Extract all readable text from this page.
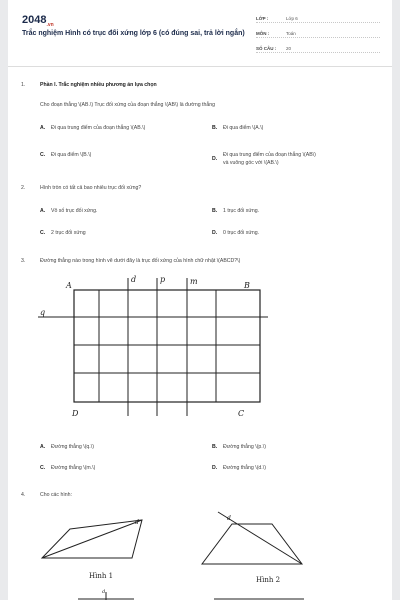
$2048_{.vn}$
Trắc nghiệm Hình có trục đối xứng lớp 6 (có đúng sai, trả lời ngắn)
LỚP :	Lớp 6
MÔN :	Toán
SỐ CÂU : 20
1.	Phần I. Trắc nghiệm nhiều phương án lựa chọn
Cho đoạn thẳng \(AB.\) Trục đối xứng của đoạn thẳng \(AB\) là đường thẳng
A. Đi qua trung điểm của đoạn thẳng \(AB.\)	B. Đi qua điểm \(A.\)
C. Đi qua điểm \(B.\)
D.
Đi qua trung điểm của đoạn thẳng \(AB\)
và vuông góc với \(AB.\)
2.	Hình tròn có tất cả bao nhiêu trục đối xứng?
A. Vô số trục đối xứng.	B. 1 trục đối xứng.
C. 2 trục đối xứng	D. 0 trục đối xứng.
3.	Đường thẳng nào trong hình vẽ dưới đây là trục đối xứng của hình chữ nhật \(ABCD?\)
A	B
C
D
q
d	p	m
A. Đường thẳng \(q.\)	B. Đường thẳng \(p.\)
C. Đường thẳng \(m.\)	D. Đường thẳng \(d.\)
4.	Cho các hình:
d
Hình 1
d
Hình 2
d
